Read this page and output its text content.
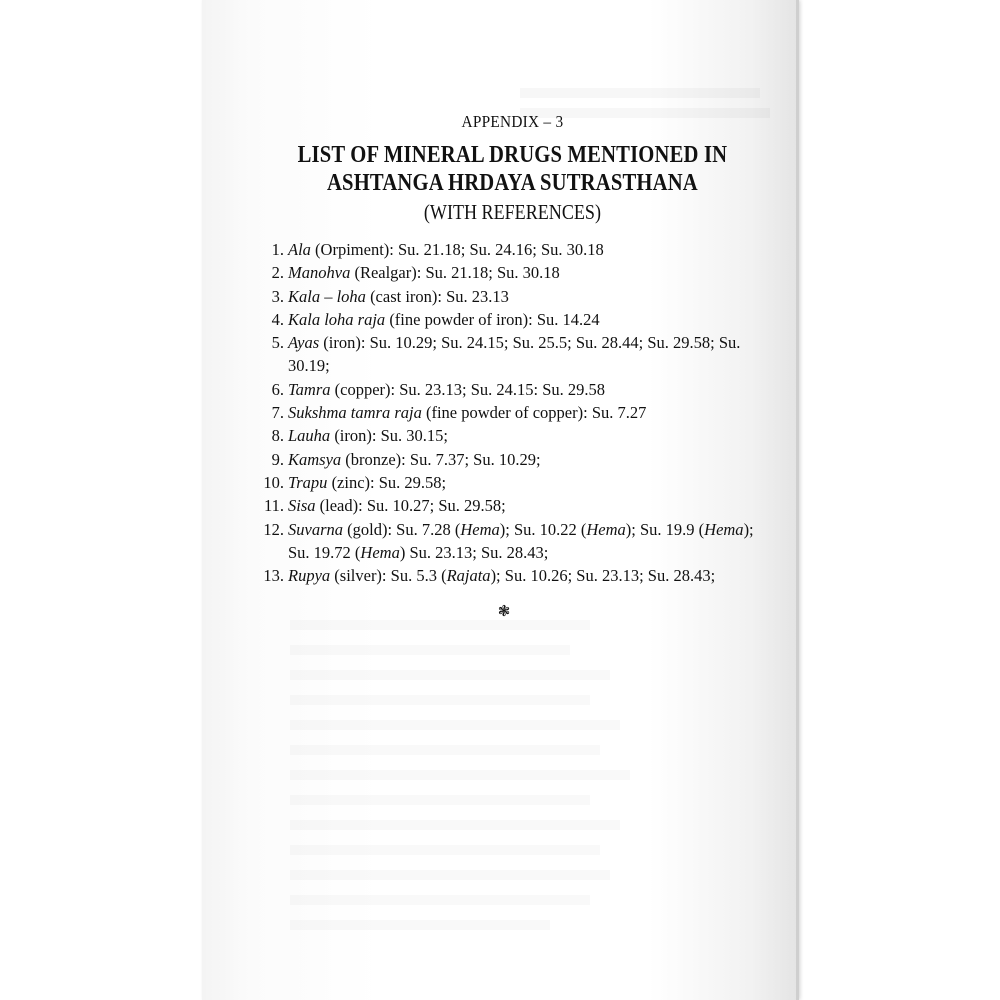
APPENDIX – 3
LIST OF MINERAL DRUGS MENTIONED IN
ASHTANGA HRDAYA SUTRASTHANA
(WITH REFERENCES)
1. Ala (Orpiment): Su. 21.18; Su. 24.16; Su. 30.18
2. Manohva (Realgar): Su. 21.18; Su. 30.18
3. Kala – loha (cast iron): Su. 23.13
4. Kala loha raja (fine powder of iron): Su. 14.24
5. Ayas (iron): Su. 10.29; Su. 24.15; Su. 25.5; Su. 28.44; Su. 29.58; Su.
30.19;
6. Tamra (copper): Su. 23.13; Su. 24.15: Su. 29.58
7. Sukshma tamra raja (fine powder of copper): Su. 7.27
8. Lauha (iron): Su. 30.15;
9. Kamsya (bronze): Su. 7.37; Su. 10.29;
10. Trapu (zinc): Su. 29.58;
11. Sisa (lead): Su. 10.27; Su. 29.58;
12. Suvarna (gold): Su. 7.28 (Hema); Su. 10.22 (Hema); Su. 19.9 (Hema);
Su. 19.72 (Hema) Su. 23.13; Su. 28.43;
13. Rupya (silver): Su. 5.3 (Rajata); Su. 10.26; Su. 23.13; Su. 28.43;
❃
